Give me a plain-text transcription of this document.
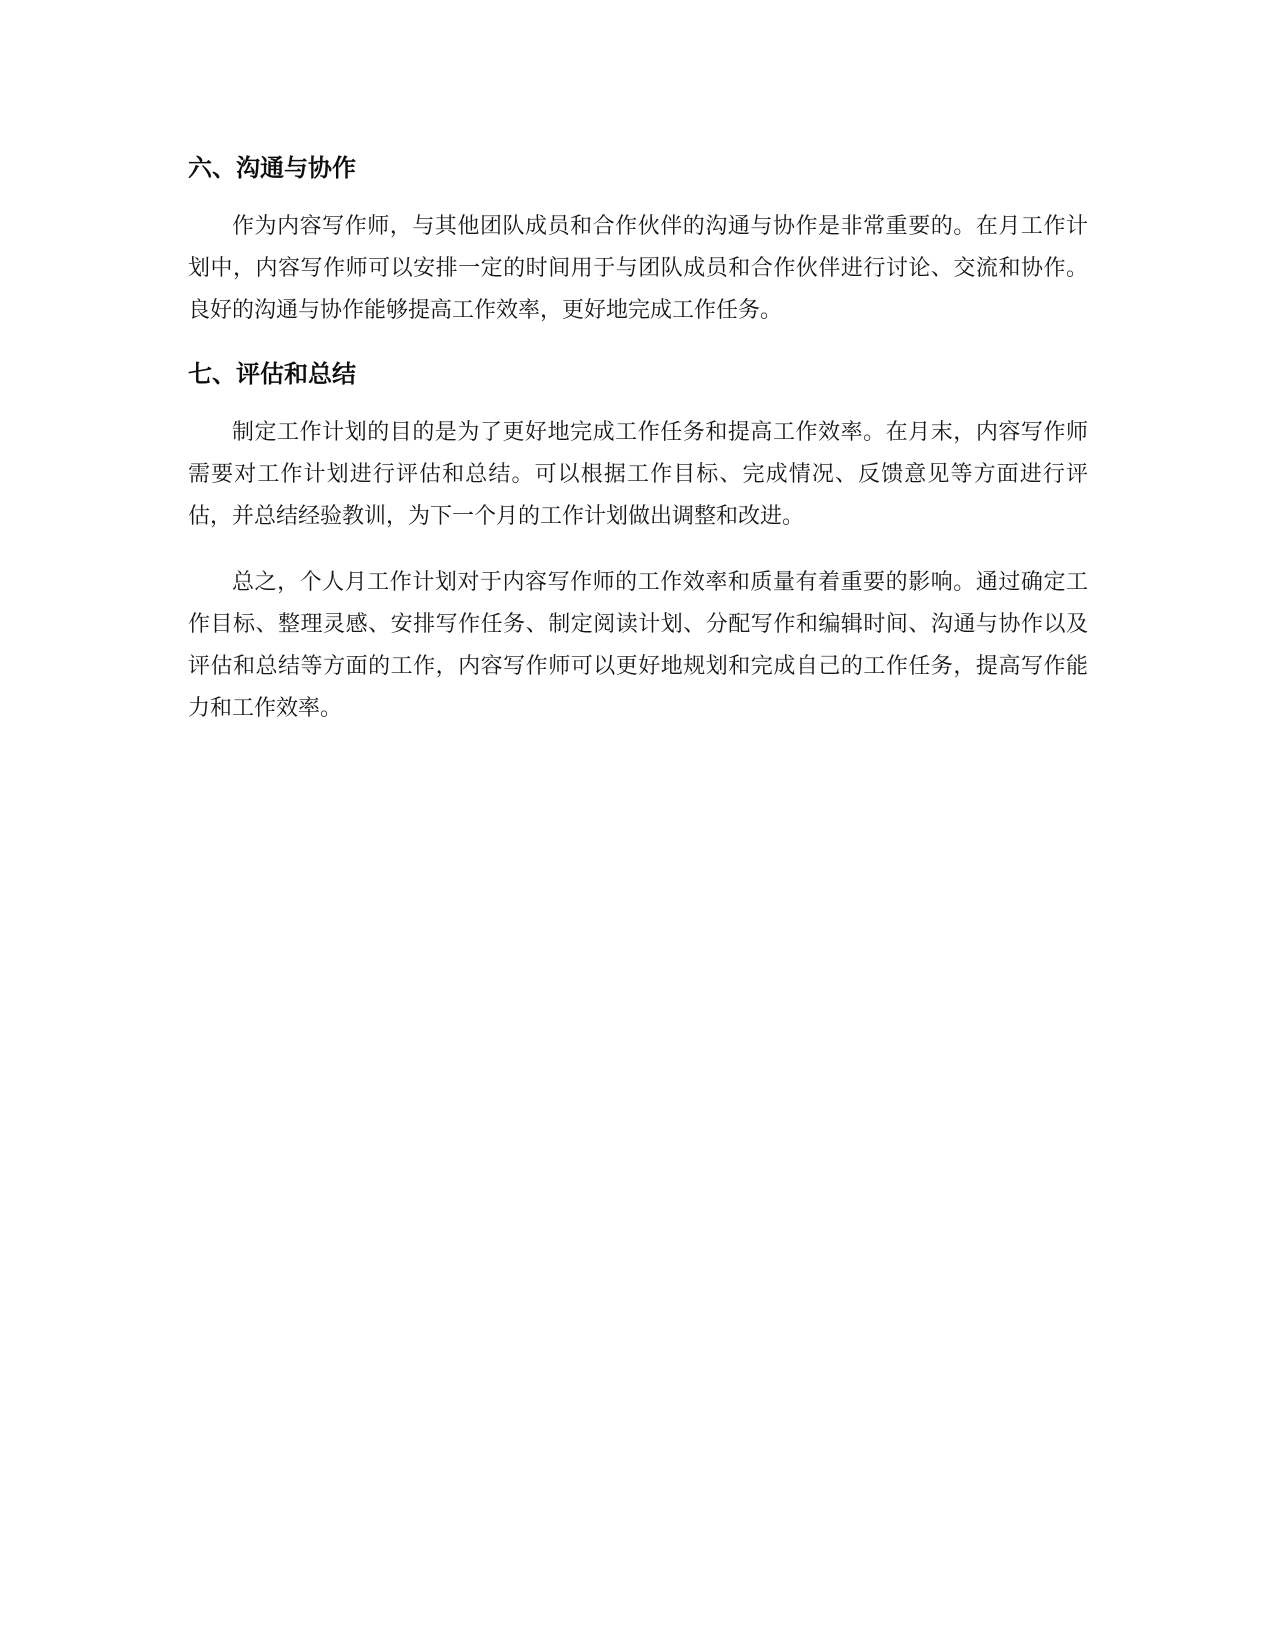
六、沟通与协作

作为内容写作师，与其他团队成员和合作伙伴的沟通与协作是非常重要的。在月工作计划中，内容写作师可以安排一定的时间用于与团队成员和合作伙伴进行讨论、交流和协作。良好的沟通与协作能够提高工作效率，更好地完成工作任务。

七、评估和总结

制定工作计划的目的是为了更好地完成工作任务和提高工作效率。在月末，内容写作师需要对工作计划进行评估和总结。可以根据工作目标、完成情况、反馈意见等方面进行评估，并总结经验教训，为下一个月的工作计划做出调整和改进。

总之，个人月工作计划对于内容写作师的工作效率和质量有着重要的影响。通过确定工作目标、整理灵感、安排写作任务、制定阅读计划、分配写作和编辑时间、沟通与协作以及评估和总结等方面的工作，内容写作师可以更好地规划和完成自己的工作任务，提高写作能力和工作效率。
